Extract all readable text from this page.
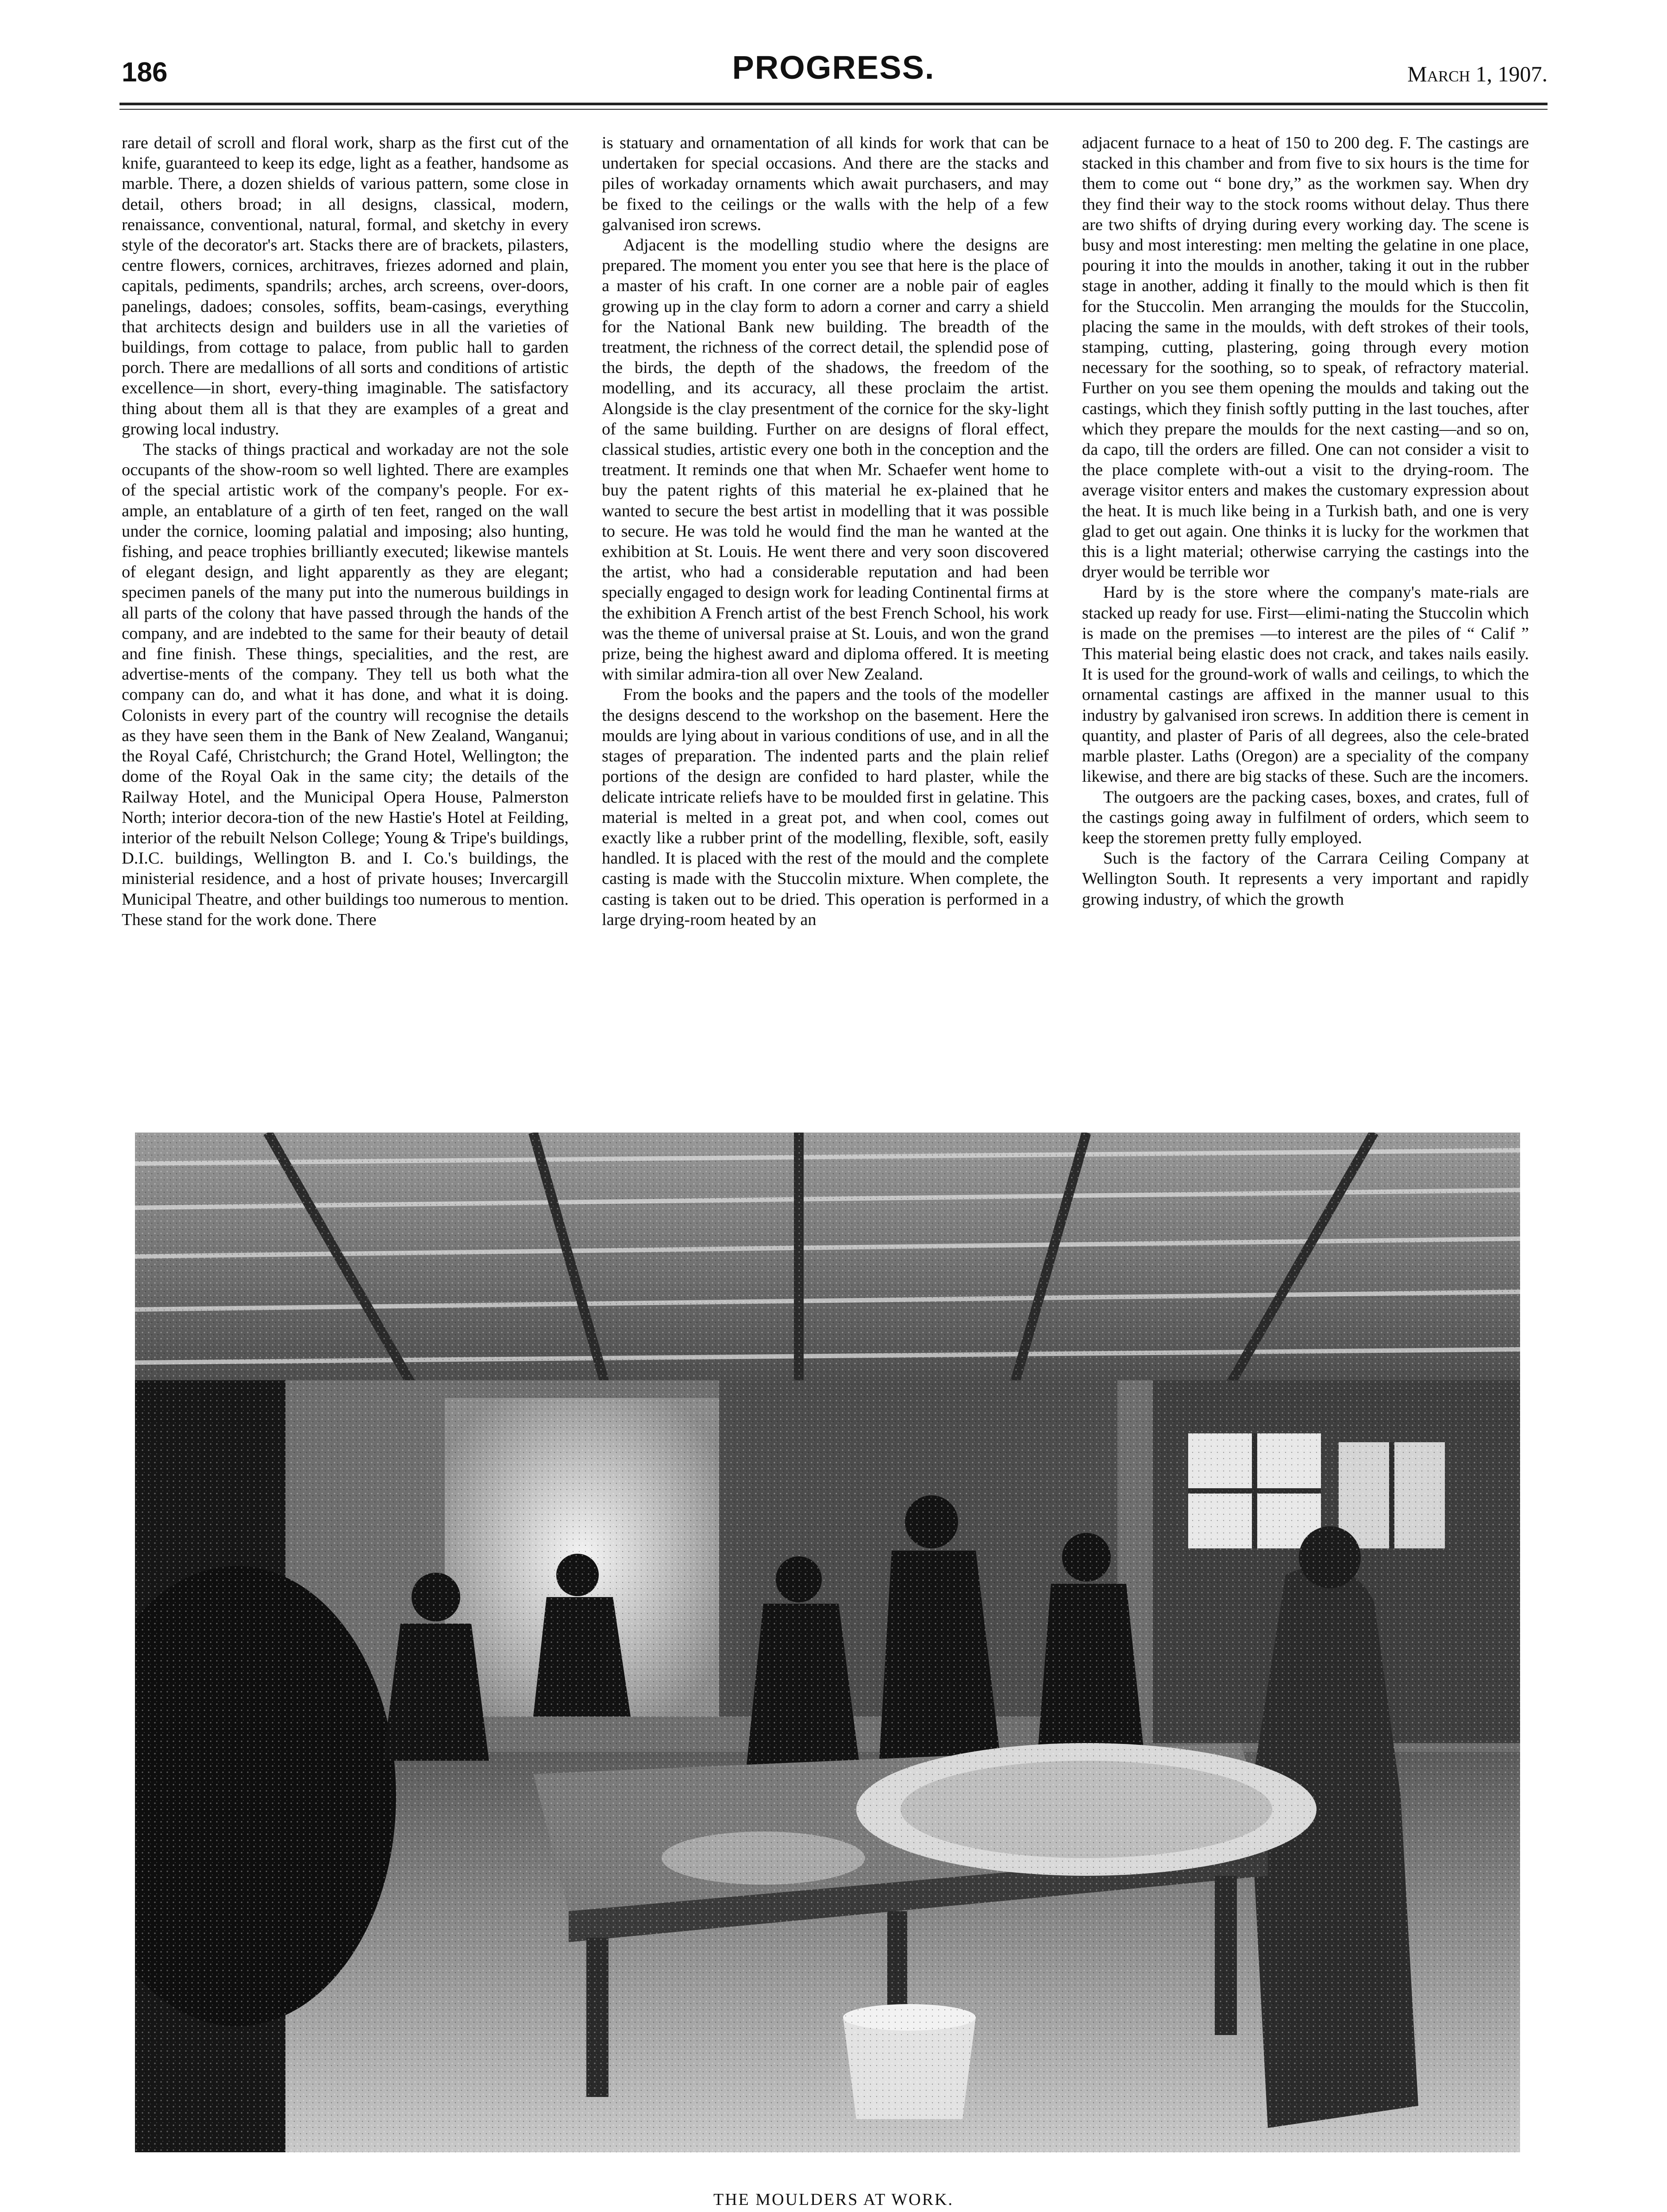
186	PROGRESS.	March 1, 1907.

rare detail of scroll and floral work, sharp as the first cut of the knife, guaranteed to keep its edge, light as a feather, handsome as marble. There, a dozen shields of various pattern, some close in detail, others broad; in all designs, classical, modern, renaissance, conventional, natural, formal, and sketchy in every style of the decorator's art. Stacks there are of brackets, pilasters, centre flowers, cornices, architraves, friezes adorned and plain, capitals, pediments, spandrils; arches, arch screens, over-doors, panelings, dadoes; consoles, soffits, beam-casings, everything that architects design and builders use in all the varieties of buildings, from cottage to palace, from public hall to garden porch. There are medallions of all sorts and conditions of artistic excellence—in short, every-thing imaginable. The satisfactory thing about them all is that they are examples of a great and growing local industry.

The stacks of things practical and workaday are not the sole occupants of the show-room so well lighted. There are examples of the special artistic work of the company's people. For ex-ample, an entablature of a girth of ten feet, ranged on the wall under the cornice, looming palatial and imposing; also hunting, fishing, and peace trophies brilliantly executed; likewise mantels of elegant design, and light apparently as they are elegant; specimen panels of the many put into the numerous buildings in all parts of the colony that have passed through the hands of the company, and are indebted to the same for their beauty of detail and fine finish. These things, specialities, and the rest, are advertise-ments of the company. They tell us both what the company can do, and what it has done, and what it is doing. Colonists in every part of the country will recognise the details as they have seen them in the Bank of New Zealand, Wanganui; the Royal Café, Christchurch; the Grand Hotel, Wellington; the dome of the Royal Oak in the same city; the details of the Railway Hotel, and the Municipal Opera House, Palmerston North; interior decora-tion of the new Hastie's Hotel at Feilding, interior of the rebuilt Nelson College; Young & Tripe's buildings, D.I.C. buildings, Wellington B. and I. Co.'s buildings, the ministerial residence, and a host of private houses; Invercargill Municipal Theatre, and other buildings too numerous to mention. These stand for the work done. There

is statuary and ornamentation of all kinds for work that can be undertaken for special occasions. And there are the stacks and piles of workaday ornaments which await purchasers, and may be fixed to the ceilings or the walls with the help of a few galvanised iron screws.

Adjacent is the modelling studio where the designs are prepared. The moment you enter you see that here is the place of a master of his craft. In one corner are a noble pair of eagles growing up in the clay form to adorn a corner and carry a shield for the National Bank new building. The breadth of the treatment, the richness of the correct detail, the splendid pose of the birds, the depth of the shadows, the freedom of the modelling, and its accuracy, all these proclaim the artist. Alongside is the clay presentment of the cornice for the sky-light of the same building. Further on are designs of floral effect, classical studies, artistic every one both in the conception and the treatment. It reminds one that when Mr. Schaefer went home to buy the patent rights of this material he ex-plained that he wanted to secure the best artist in modelling that it was possible to secure. He was told he would find the man he wanted at the exhibition at St. Louis. He went there and very soon discovered the artist, who had a considerable reputation and had been specially engaged to design work for leading Continental firms at the exhibition A French artist of the best French School, his work was the theme of universal praise at St. Louis, and won the grand prize, being the highest award and diploma offered. It is meeting with similar admira-tion all over New Zealand.

From the books and the papers and the tools of the modeller the designs descend to the workshop on the basement. Here the moulds are lying about in various conditions of use, and in all the stages of preparation. The indented parts and the plain relief portions of the design are confided to hard plaster, while the delicate intricate reliefs have to be moulded first in gelatine. This material is melted in a great pot, and when cool, comes out exactly like a rubber print of the modelling, flexible, soft, easily handled. It is placed with the rest of the mould and the complete casting is made with the Stuccolin mixture. When complete, the casting is taken out to be dried. This operation is performed in a large drying-room heated by an

adjacent furnace to a heat of 150 to 200 deg. F. The castings are stacked in this chamber and from five to six hours is the time for them to come out “ bone dry,” as the workmen say. When dry they find their way to the stock rooms without delay. Thus there are two shifts of drying during every working day. The scene is busy and most interesting: men melting the gelatine in one place, pouring it into the moulds in another, taking it out in the rubber stage in another, adding it finally to the mould which is then fit for the Stuccolin. Men arranging the moulds for the Stuccolin, placing the same in the moulds, with deft strokes of their tools, stamping, cutting, plastering, going through every motion necessary for the soothing, so to speak, of refractory material. Further on you see them opening the moulds and taking out the castings, which they finish softly putting in the last touches, after which they prepare the moulds for the next casting—and so on, da capo, till the orders are filled. One can not consider a visit to the place complete with-out a visit to the drying-room. The average visitor enters and makes the customary expression about the heat. It is much like being in a Turkish bath, and one is very glad to get out again. One thinks it is lucky for the workmen that this is a light material; otherwise carrying the castings into the dryer would be terrible wor

Hard by is the store where the company's mate-rials are stacked up ready for use. First—elimi-nating the Stuccolin which is made on the premises —to interest are the piles of “ Calif ” This material being elastic does not crack, and takes nails easily. It is used for the ground-work of walls and ceilings, to which the ornamental castings are affixed in the manner usual to this industry by galvanised iron screws. In addition there is cement in quantity, and plaster of Paris of all degrees, also the cele-brated marble plaster. Laths (Oregon) are a speciality of the company likewise, and there are big stacks of these. Such are the incomers.

The outgoers are the packing cases, boxes, and crates, full of the castings going away in fulfilment of orders, which seem to keep the storemen pretty fully employed.

Such is the factory of the Carrara Ceiling Company at Wellington South. It represents a very important and rapidly growing industry, of which the growth

THE MOULDERS AT WORK.
